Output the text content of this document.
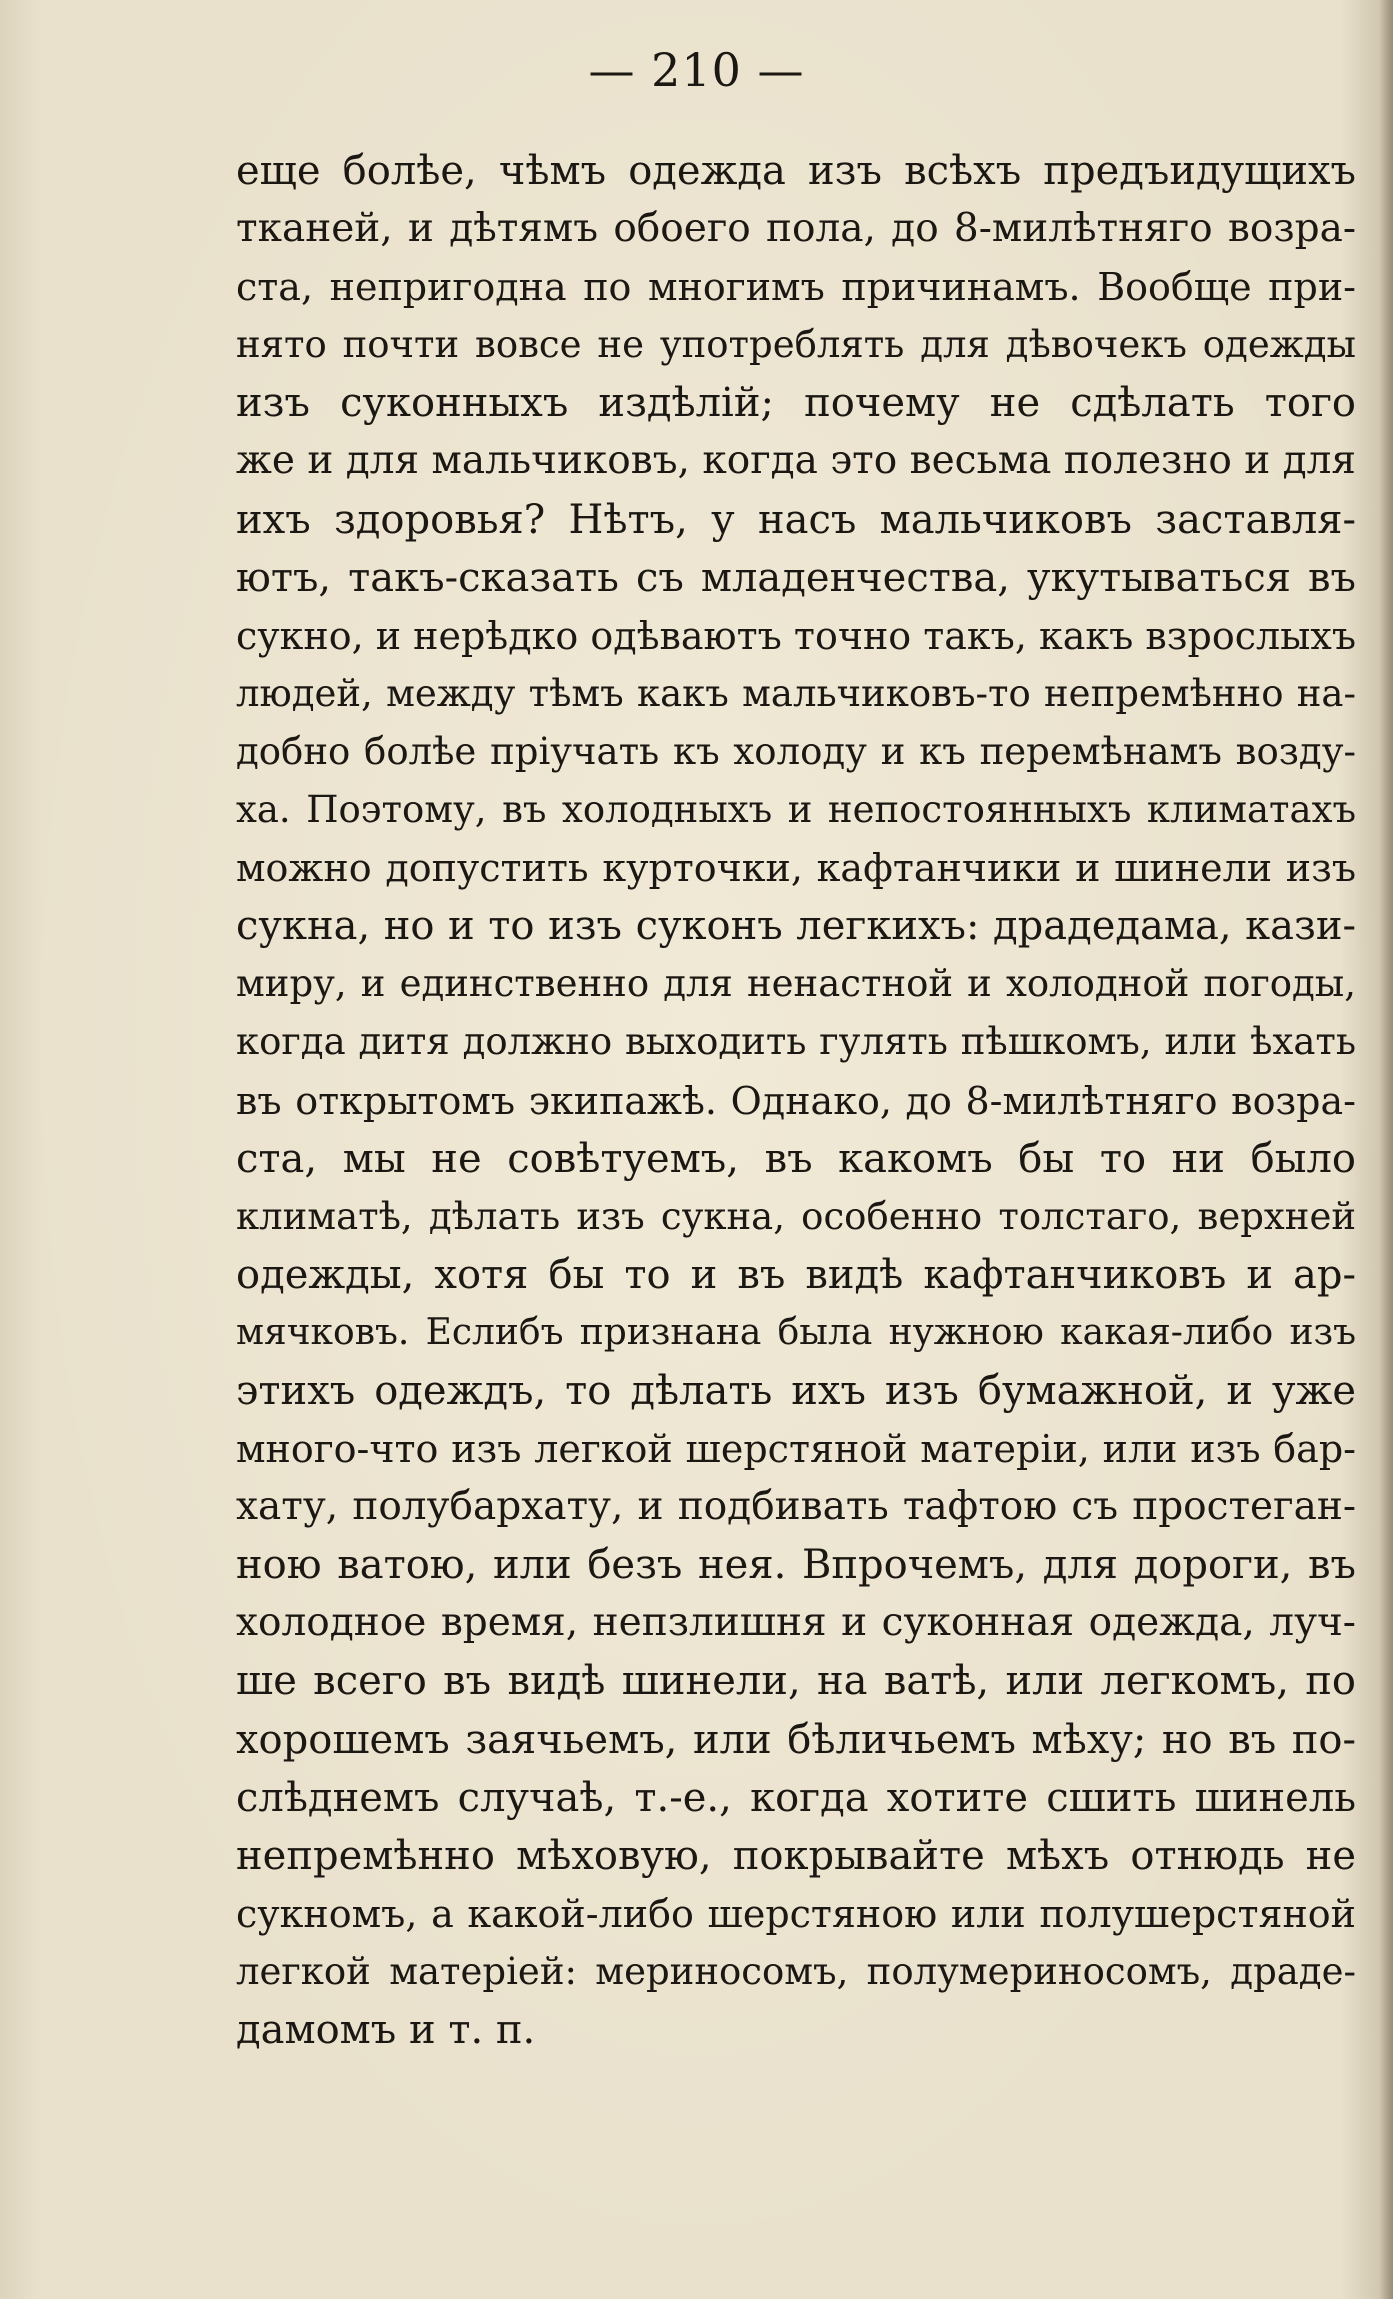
— 210 —
еще болѣе, чѣмъ одежда изъ всѣхъ предъидущихъ
тканей, и дѣтямъ обоего пола, до 8-милѣтняго возра-
ста, непригодна по многимъ причинамъ. Вообще при-
нято почти вовсе не употреблять для дѣвочекъ одежды
изъ суконныхъ издѣлій; почему не сдѣлать того
же и для мальчиковъ, когда это весьма полезно и для
ихъ здоровья? Нѣтъ, у насъ мальчиковъ заставля-
ютъ, такъ-сказать съ младенчества, укутываться въ
сукно, и нерѣдко одѣваютъ точно такъ, какъ взрослыхъ
людей, между тѣмъ какъ мальчиковъ-то непремѣнно на-
добно болѣе пріучать къ холоду и къ перемѣнамъ возду-
ха. Поэтому, въ холодныхъ и непостоянныхъ климатахъ
можно допустить курточки, кафтанчики и шинели изъ
сукна, но и то изъ суконъ легкихъ: драдедама, кази-
миру, и единственно для ненастной и холодной погоды,
когда дитя должно выходить гулять пѣшкомъ, или ѣхать
въ открытомъ экипажѣ. Однако, до 8-милѣтняго возра-
ста, мы не совѣтуемъ, въ какомъ бы то ни было
климатѣ, дѣлать изъ сукна, особенно толстаго, верхней
одежды, хотя бы то и въ видѣ кафтанчиковъ и ар-
мячковъ. Еслибъ признана была нужною какая-либо изъ
этихъ одеждъ, то дѣлать ихъ изъ бумажной, и уже
много-что изъ легкой шерстяной матеріи, или изъ бар-
хату, полубархату, и подбивать тафтою съ простеган-
ною ватою, или безъ нея. Впрочемъ, для дороги, въ
холодное время, непзлишня и суконная одежда, луч-
ше всего въ видѣ шинели, на ватѣ, или легкомъ, по
хорошемъ заячьемъ, или бѣличьемъ мѣху; но въ по-
слѣднемъ случаѣ, т.-е., когда хотите сшить шинель
непремѣнно мѣховую, покрывайте мѣхъ отнюдь не
сукномъ, а какой-либо шерстяною или полушерстяной
легкой матеріей: мериносомъ, полумериносомъ, драде-
дамомъ и т. п.
